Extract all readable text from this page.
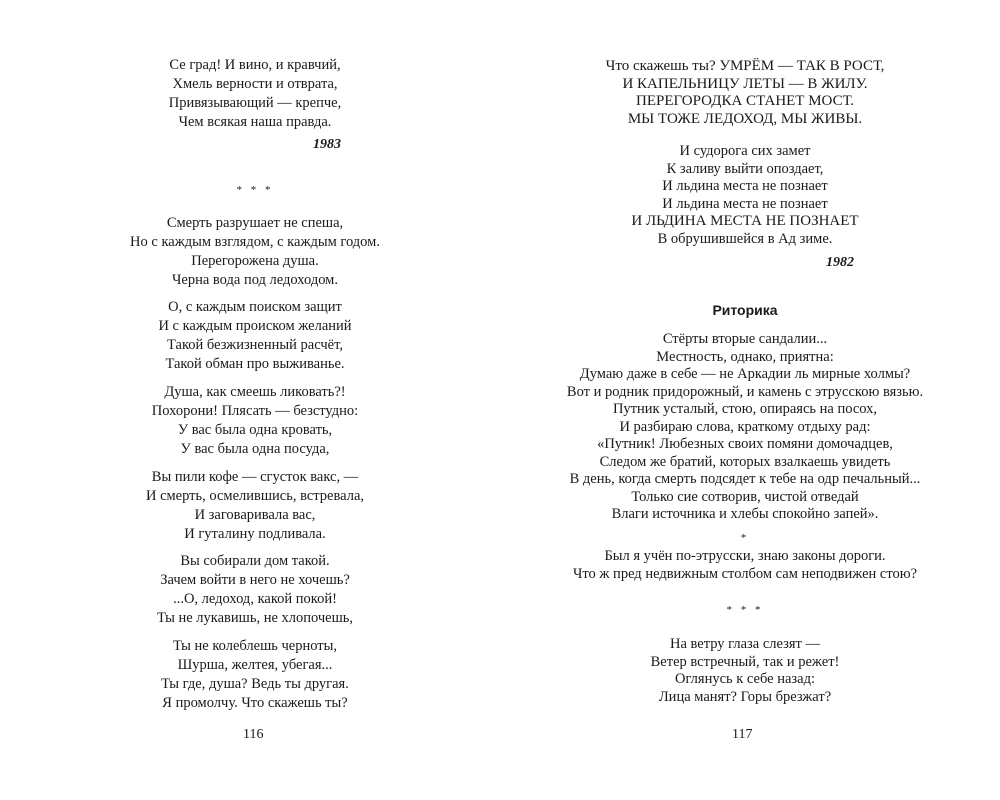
Се град! И вино, и кравчий,
Хмель верности и отврата,
Привязывающий — крепче,
Чем всякая наша правда.
1983
* * *
Смерть разрушает не спеша,
Но с каждым взглядом, с каждым годом.
Перегорожена душа.
Черна вода под ледоходом.
О, с каждым поиском защит
И с каждым происком желаний
Такой безжизненный расчёт,
Такой обман про выживанье.
Душа, как смеешь ликовать?!
Похорони! Плясать — безстудно:
У вас была одна кровать,
У вас была одна посуда,
Вы пили кофе — сгусток вакс, —
И смерть, осмелившись, встревала,
И заговаривала вас,
И гуталину подливала.
Вы собирали дом такой.
Зачем войти в него не хочешь?
...О, ледоход, какой покой!
Ты не лукавишь, не хлопочешь,
Ты не колеблешь черноты,
Шурша, желтея, убегая...
Ты где, душа? Ведь ты другая.
Я промолчу. Что скажешь ты?
116
Что скажешь ты? УМРЁМ — ТАК В РОСТ,
И КАПЕЛЬНИЦУ ЛЕТЫ — В ЖИЛУ.
ПЕРЕГОРОДКА СТАНЕТ МОСТ.
МЫ ТОЖЕ ЛЕДОХОД, МЫ ЖИВЫ.
И судорога сих замет
К заливу выйти опоздает,
И льдина места не познает
И льдина места не познает
И ЛЬДИНА МЕСТА НЕ ПОЗНАЕТ
В обрушившейся в Ад зиме.
1982
Риторика
Стёрты вторые сандалии...
Местность, однако, приятна:
Думаю даже в себе — не Аркадии ль мирные холмы?
Вот и родник придорожный, и камень с этрусскою вязью.
Путник усталый, стою, опираясь на посох,
И разбираю слова, краткому отдыху рад:
«Путник! Любезных своих помяни домочадцев,
Следом же братий, которых взалкаешь увидеть
В день, когда смерть подсядет к тебе на одр печальный...
Только сие сотворив, чистой отведай
Влаги источника и хлебы спокойно запей».
*
Был я учён по-этрусски, знаю законы дороги.
Что ж пред недвижным столбом сам неподвижен стою?
* * *
На ветру глаза слезят —
Ветер встречный, так и режет!
Оглянусь к себе назад:
Лица манят? Горы брезжат?
117
